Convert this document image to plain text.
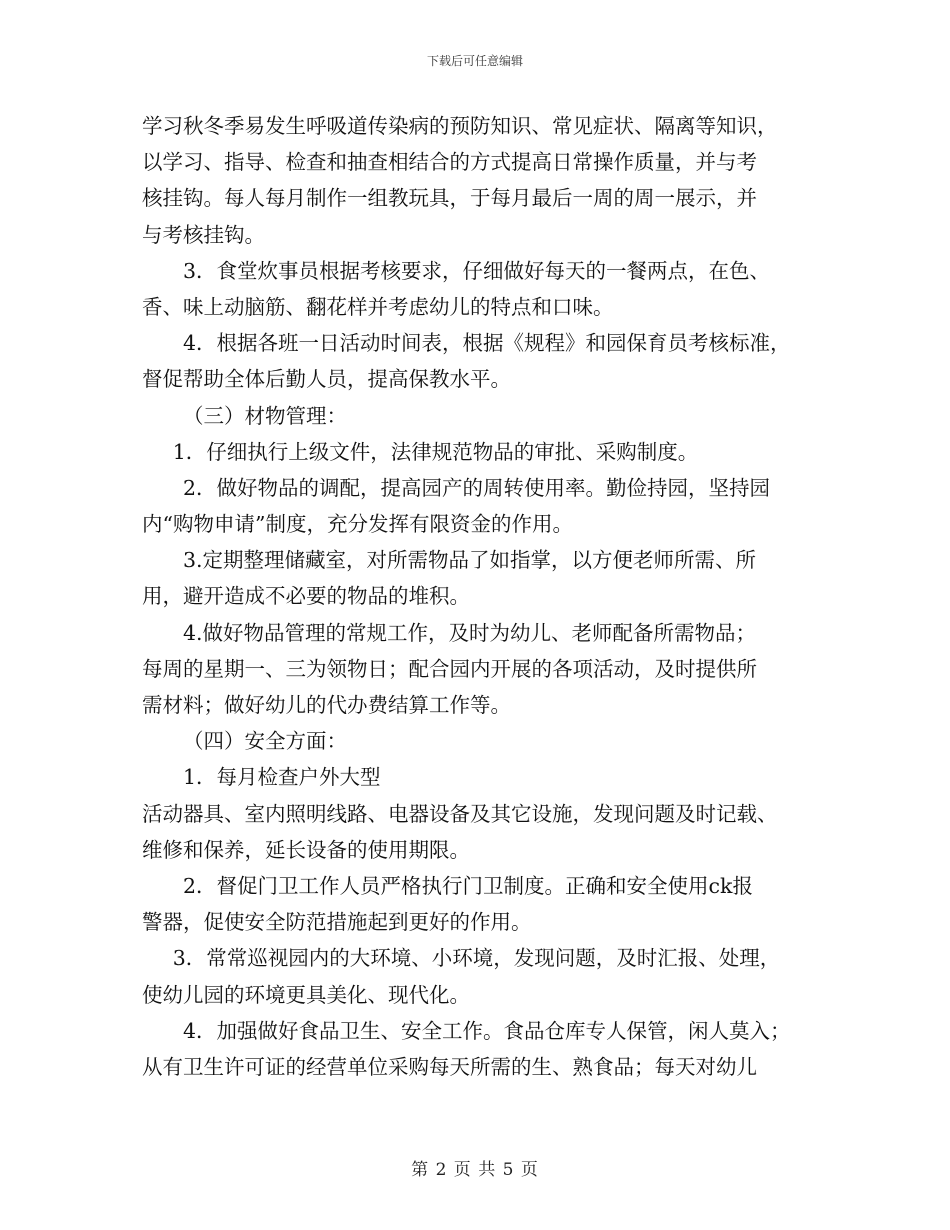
下载后可任意编辑
学习秋冬季易发生呼吸道传染病的预防知识、常见症状、隔离等知识，
以学习、指导、检查和抽查相结合的方式提高日常操作质量，并与考
核挂钩。每人每月制作一组教玩具，于每月最后一周的周一展示，并
与考核挂钩。
3．食堂炊事员根据考核要求，仔细做好每天的一餐两点，在色、
香、味上动脑筋、翻花样并考虑幼儿的特点和口味。
4．根据各班一日活动时间表，根据《规程》和园保育员考核标准，
督促帮助全体后勤人员，提高保教水平。
（三）材物管理：
1．仔细执行上级文件，法律规范物品的审批、采购制度。
2．做好物品的调配，提高园产的周转使用率。勤俭持园，坚持园
内“购物申请”制度，充分发挥有限资金的作用。
3.定期整理储藏室，对所需物品了如指掌，以方便老师所需、所
用，避开造成不必要的物品的堆积。
4.做好物品管理的常规工作，及时为幼儿、老师配备所需物品；
每周的星期一、三为领物日；配合园内开展的各项活动，及时提供所
需材料；做好幼儿的代办费结算工作等。
（四）安全方面：
1．每月检查户外大型
活动器具、室内照明线路、电器设备及其它设施，发现问题及时记载、
维修和保养，延长设备的使用期限。
2．督促门卫工作人员严格执行门卫制度。正确和安全使用ck报
警器，促使安全防范措施起到更好的作用。
3．常常巡视园内的大环境、小环境，发现问题，及时汇报、处理，
使幼儿园的环境更具美化、现代化。
4．加强做好食品卫生、安全工作。食品仓库专人保管，闲人莫入；
从有卫生许可证的经营单位采购每天所需的生、熟食品；每天对幼儿
第 2 页 共 5 页
